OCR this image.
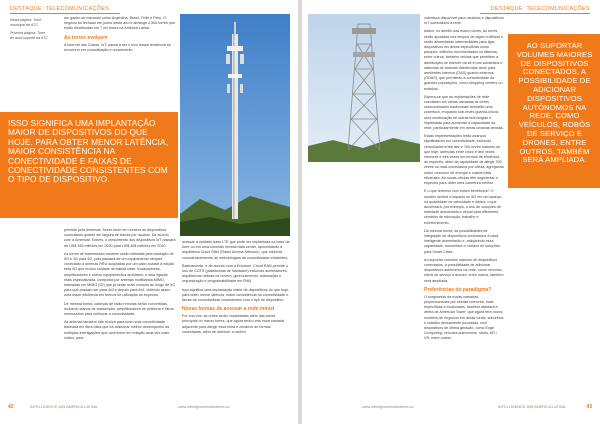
DESTAQUE: TELECOMUNICAÇÕES
Nesta página: Torre municipal de ATC
Próxima página: Torre de auto-suporte da ATC

um ganho de mercado como Argentina, Brasil, Chile e Peru. O negócio foi fechado em junho deste ano e abrange 4.506 torres que estão distribuídas em 7 mil torres na América Latina.

As torres evoluem

A Internet das Coisas, IoT, passa a ser o eixo dessa tendência se envolvem em consolidação e crescimento

ISSO SIGNIFICA UMA IMPLANTAÇÃO MAIOR DE DISPOSITIVOS DO QUE HOJE. PARA OBTER MENOR LATÊNCIA, MAIOR CONSISTÊNCIA NA CONECTIVIDADE E FAIXAS DE CONECTIVIDADE CONSISTENTES COM O TIPO DE DISPOSITIVO.

previsto pela American Tower tanto em número de dispositivos conectados quanto em largura de banda por usuário. De acordo com a American Towers, o crescimento dos dispositivos IoT passará de US$ 155 milhões em 2020 para US$ 408 milhões em 2030.

As torres de transmissão também serão afetadas pela transição de 5G e 4G para 5G, pois passará de um equipamento simples conectado a antenas RRU acopladas por um cabo coaxial à edição beta 5G que incluiu unidade de banda base, transceptores, amplificadores e outros equipamentos auxiliares, e uma ligação mais especializada, composta por antenas multibanda MIMO, baseadas em MIMO (32) que já serão mais comuns ao longo de 5G para que possam ser para 4x2 e depois para 6x4, obtendo assim uma maior eficiência em termos de utilização do espectro.

De mesma forma, cabeças de rádio remotas serão convertidas, incluindo planos de transceptor, amplificadores de potência e filtros necessários para melhorar a conectividade.

As antenas também irão evoluir para uma nova conectividade baseada em fibra ótica que irá adicionar melhor desempenho às múltiplas interligações que ocorrerem em relação cada vez mais curtos, para

acessar a unidade base LTE que pode ser implantada na base da torre ou em uma conexão remota data center, aproveitando a arquitetura Cloud RAN (Radio Access Network), que melhora consideravelmente as metodologias de conectividade existentes.

Basicamente, e de acordo com a Ericsson, Cloud RAN permite o uso de COTS (plataformas de hardware) incluindo aceleradores, arquiteturas nativas na nuvem, gerenciamento, automação e orquestração e programabilidade em RAN.

Isso significa uma implantação maior de dispositivos do que hoje, para obter menor latência, maior consistência na conectividade e faixas de conectividade consistentes com o tipo de dispositivo.

Novas formas de acessar a rede móvel

Por sua vez, as redes serão implantadas além das torres principais ou macro torres, que agora terão uma nova camada adjacente para atingir essa linha e cenários de formas conectadas, além de oferecer a melhor

42	INTELLIGENCE C/O AMÉRICA LATINA	www.intelligenceinstitutenet.co
DESTAQUE: TELECOMUNICAÇÕES

cobertura disponível para usuários e dispositivos IoT conectados à rede.

Assim, no âmbito das macro torres, as torres serão apoiadas nos tempos de algum edifícios e serão alimentadas intermediadas para ligar dispositivos em áreas específicas como parques, edifícios movimentados ou fábricas, entre outros; também células que permitem a distribuição de internet via wi-fi nos substratos e sistemas de antenas distribuídas tanto para ambientes internos (DAS) quanto externos (ODAS), que permitirão a conectividade de grandes populações, como shopping centers ou estádios.

Espera-se que as implantações de rede coexistam em várias camadas as torres macrocelulares tradicionais formarão uma cobertura, enquanto sub-redes guarda-chuva, uma combinação de outras tecnologias ir implantada para aumentar a capacidade da rede, particularmente em áreas urbanas densas.

Essas implementações terão avanços significativos em conectividade, incluindo velocidades entre dez e 100 vezes maiores do que hoje, latências entre cinco e dez vezes menores e três vezes em termos de eficiência do espectro, além da capacidade de atingir 300 vezes os mais conectados por célula, agregando maior consumo de energia e custos mais eficientes. As novas células têm segmentar o espectro para obter uma cobertura melhor.

E o que teremos com esses benefícios? O usuário sentirá o impacto do 5G em um avanço na quantidade de velocidade e dados, o que aumentará, por exemplo, o uso de soluções de realidade aumentada e virtual para diferentes cenários de educação, trabalho e entretenimento.

Da mesma forma, as possibilidades de integração de dispositivos conectados à casa inteligente aumentarão e, adiquirindo essa capacidade, aumentará o número de soluções para Smart Cities.

Ao suportar volumes maiores de dispositivos conectados, a possibilidade de adicionar dispositivos autônomos na rede, como veículos, robôs de serviço e drones, entre outros, também será ampliada.

Preferências do paradigma?

O surgimento de novas camadas, proporcionadas por células menores, mais específicas e localizadas, também atestará a oferta de American Tower, que agora terá novos modelos de negócios em áreas rurais, subúrbios e cidades densamente povoadas, com dispositivos de última geração, como Edge Computing, veículos autônomos, robôs, AR / VR, entre outros.

AO SUPORTAR VOLUMES MAIORES DE DISPOSITIVOS CONECTADOS, A POSSIBILIDADE DE ADICIONAR DISPOSITIVOS AUTÔNOMOS NA REDE, COMO VEÍCULOS, ROBÔS DE SERVIÇO E DRONES, ENTRE OUTROS, TAMBÉM SERÁ AMPLIADA.
www.intelligenceinstitutenet.co	INTELLIGENCE C/O AMÉRICA LATINA	43
